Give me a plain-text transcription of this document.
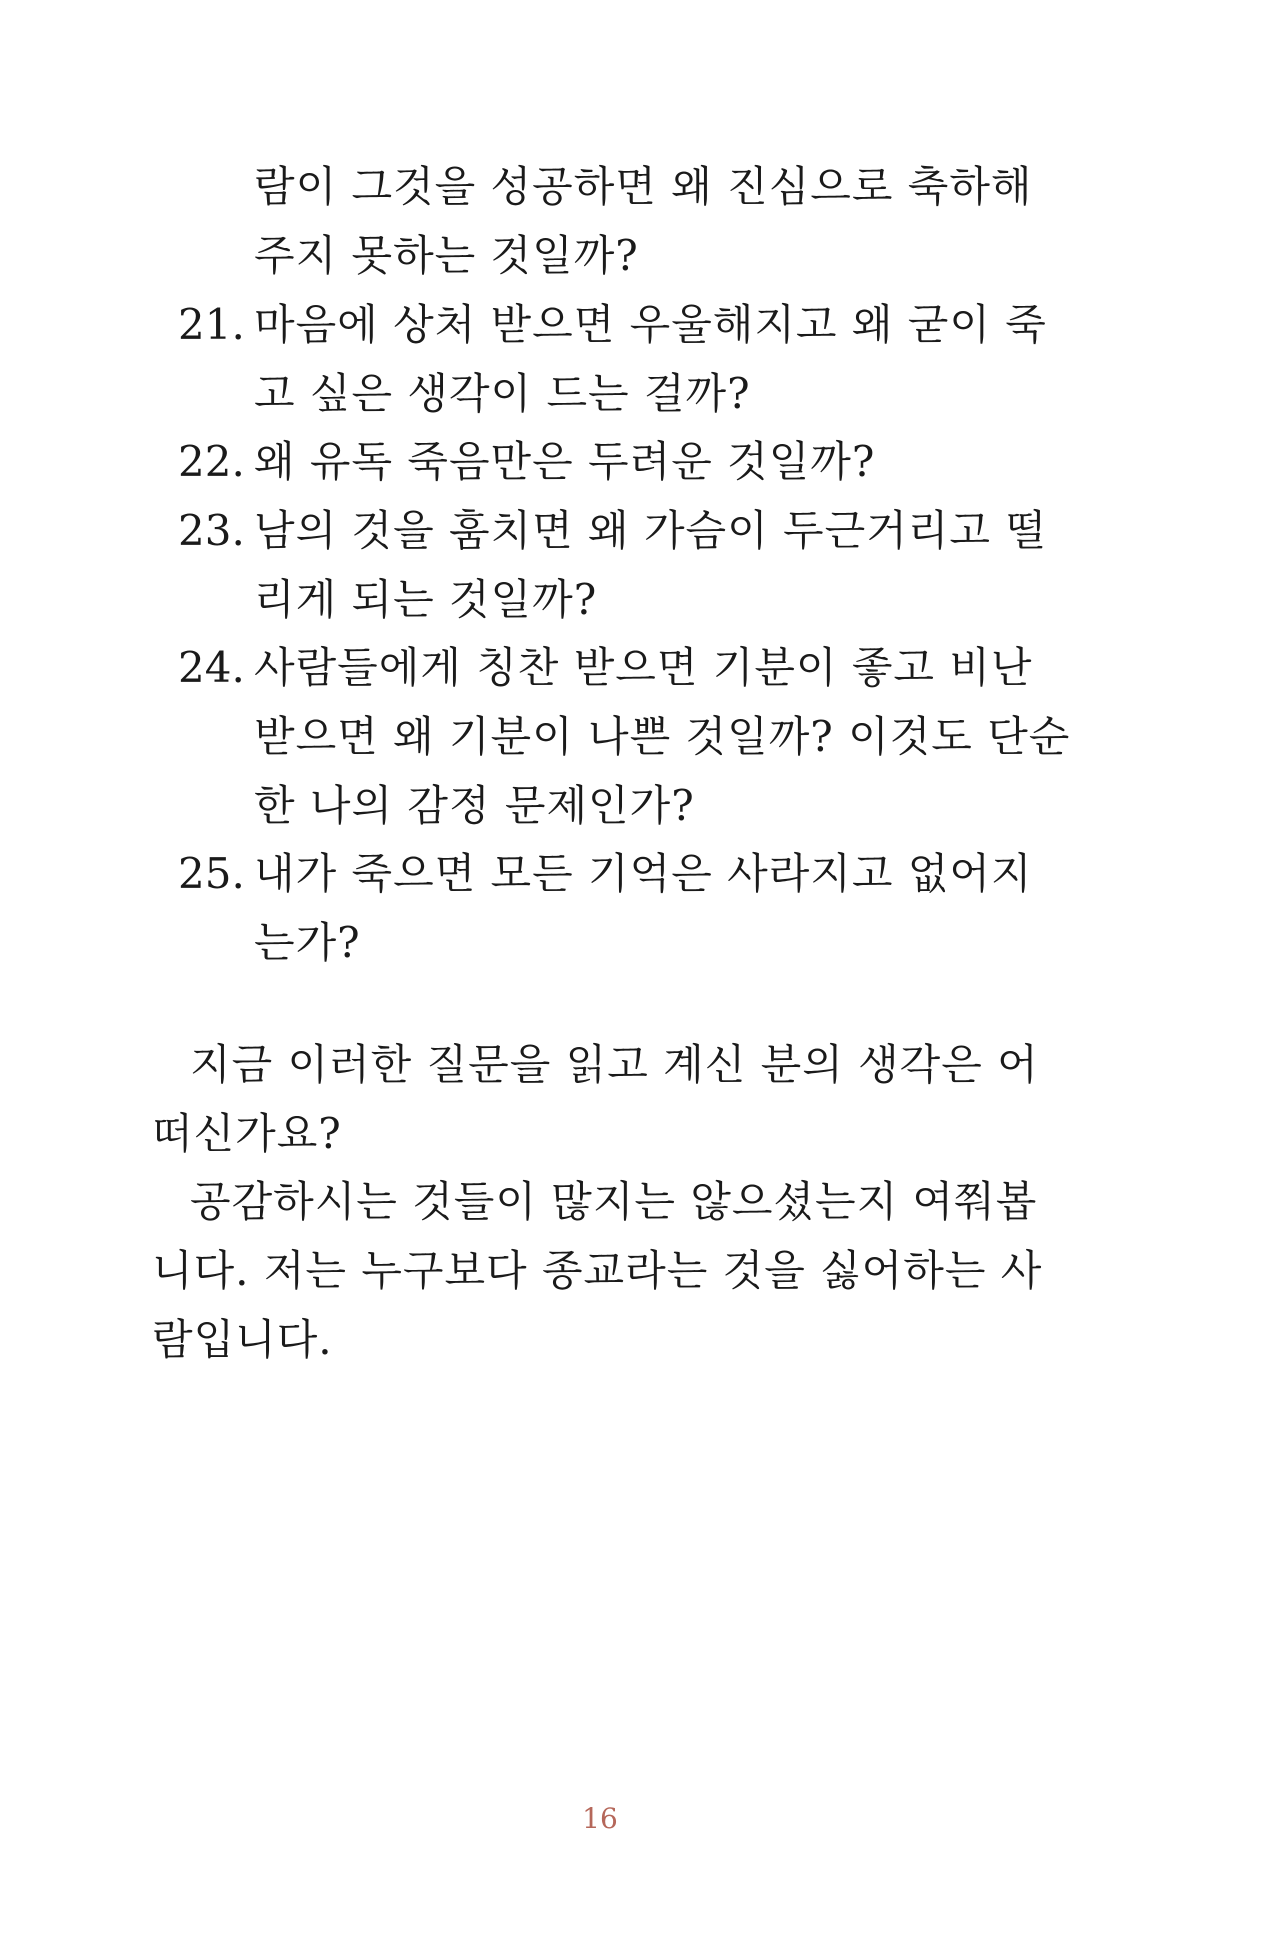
람이 그것을 성공하면 왜 진심으로 축하해
주지 못하는 것일까?
21. 마음에 상처 받으면 우울해지고 왜 굳이 죽
고 싶은 생각이 드는 걸까?
22. 왜 유독 죽음만은 두려운 것일까?
23. 남의 것을 훔치면 왜 가슴이 두근거리고 떨
리게 되는 것일까?
24. 사람들에게 칭찬 받으면 기분이 좋고 비난
받으면 왜 기분이 나쁜 것일까? 이것도 단순
한 나의 감정 문제인가?
25. 내가 죽으면 모든 기억은 사라지고 없어지
는가?
지금 이러한 질문을 읽고 계신 분의 생각은 어
떠신가요?
공감하시는 것들이 많지는 않으셨는지 여쭤봅
니다. 저는 누구보다 종교라는 것을 싫어하는 사
람입니다.
16
